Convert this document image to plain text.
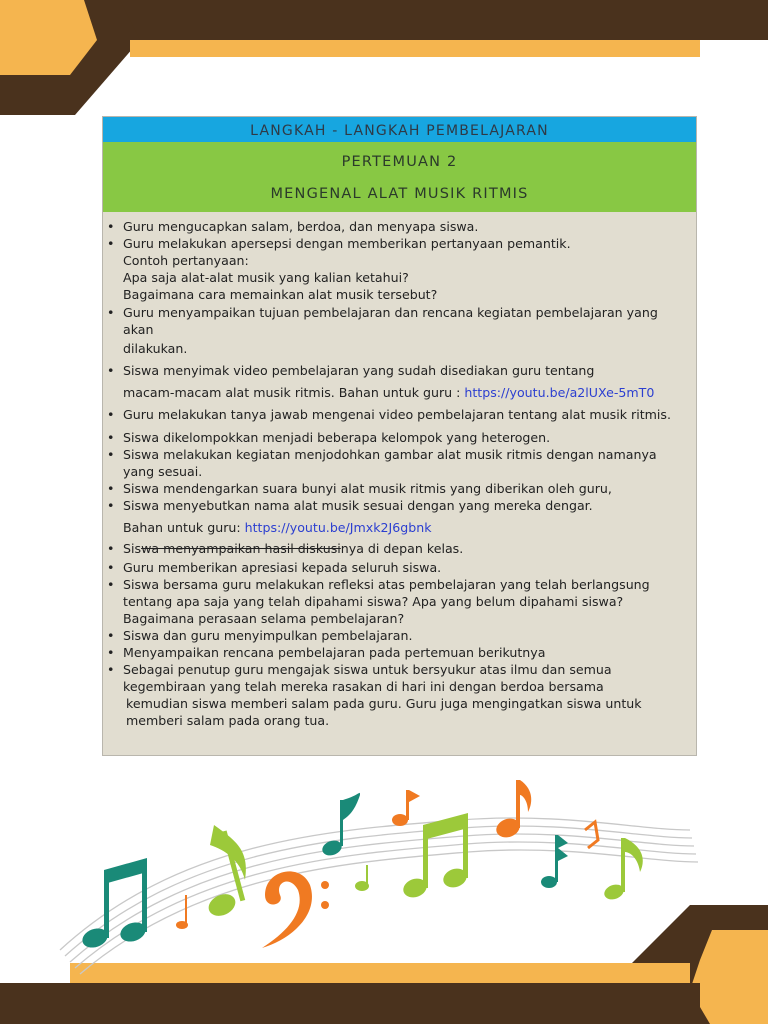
LANGKAH - LANGKAH PEMBELAJARAN
PERTEMUAN 2
MENGENAL ALAT MUSIK RITMIS

• Guru mengucapkan salam, berdoa, dan menyapa siswa.

• Guru melakukan apersepsi dengan memberikan pertanyaan pemantik.

Contoh pertanyaan:

Apa saja alat-alat musik yang kalian ketahui?

Bagaimana cara memainkan alat musik tersebut?

• Guru menyampaikan tujuan pembelajaran dan rencana kegiatan pembelajaran yang akan

dilakukan.

• Siswa menyimak video pembelajaran yang sudah disediakan guru tentang

macam-macam alat musik ritmis. Bahan untuk guru : https://youtu.be/a2lUXe-5mT0

• Guru melakukan tanya jawab mengenai video pembelajaran tentang alat musik ritmis.

• Siswa dikelompokkan menjadi beberapa kelompok yang heterogen.

• Siswa melakukan kegiatan menjodohkan gambar alat musik ritmis dengan namanya

yang sesuai.

• Siswa mendengarkan suara bunyi alat musik ritmis yang diberikan oleh guru,

• Siswa menyebutkan nama alat musik sesuai dengan yang mereka dengar.

Bahan untuk guru: https://youtu.be/Jmxk2J6gbnk

• Siswa menyampaikan hasil diskusinya di depan kelas.

• Guru memberikan apresiasi kepada seluruh siswa.

• Siswa bersama guru melakukan refleksi atas pembelajaran yang telah berlangsung

tentang apa saja yang telah dipahami siswa? Apa yang belum dipahami siswa?

Bagaimana perasaan selama pembelajaran?

• Siswa dan guru menyimpulkan pembelajaran.

• Menyampaikan rencana pembelajaran pada pertemuan berikutnya

• Sebagai penutup guru mengajak siswa untuk bersyukur atas ilmu dan semua

kegembiraan yang telah mereka rasakan di hari ini dengan berdoa bersama

kemudian siswa memberi salam pada guru. Guru juga mengingatkan siswa untuk

memberi salam pada orang tua.
